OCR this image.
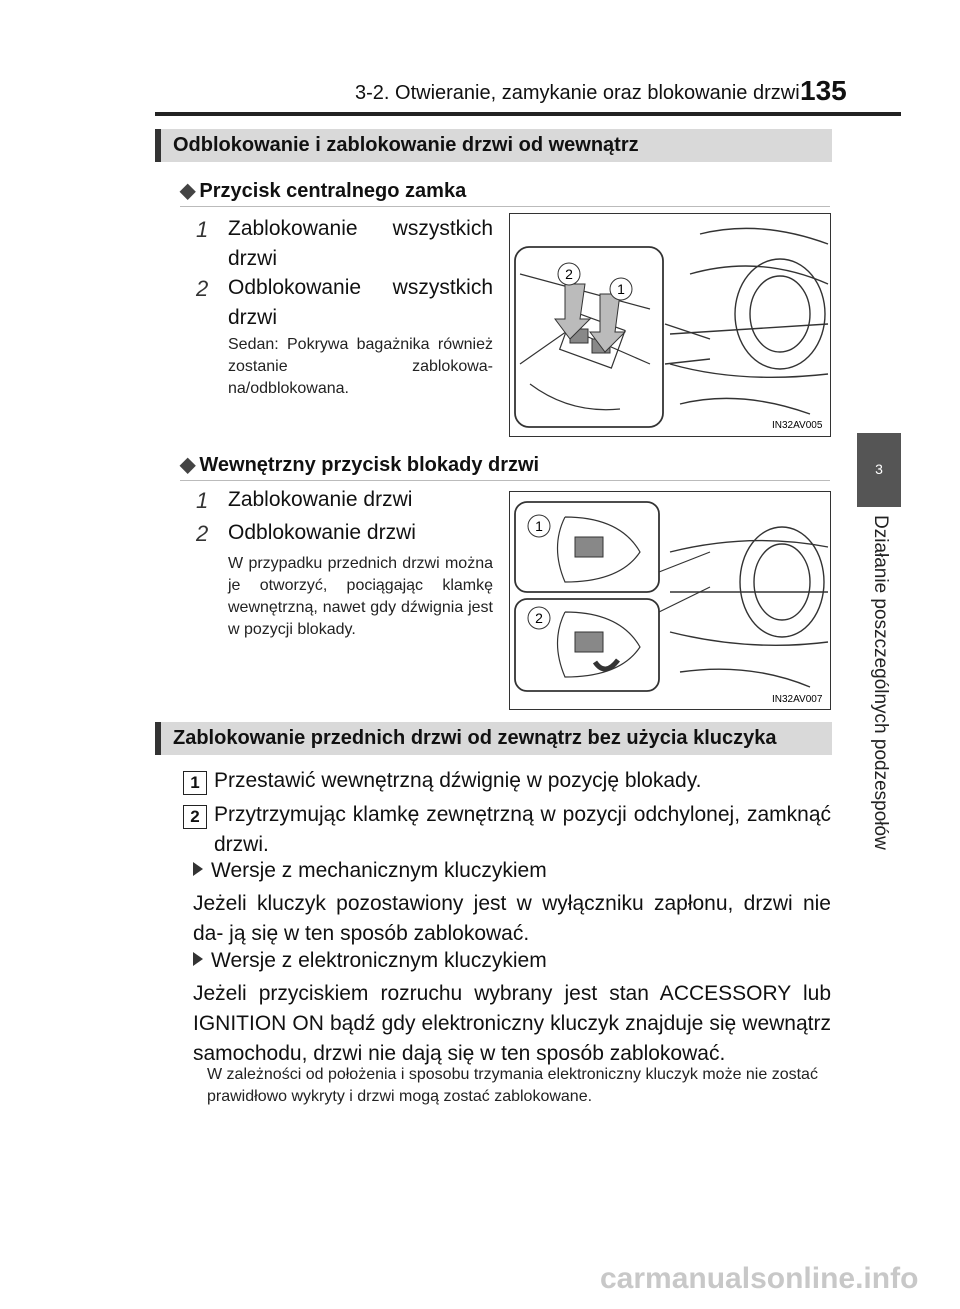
3-2. Otwieranie, zamykanie oraz blokowanie drzwi 135
3
Działanie poszczególnych podzespołów
Odblokowanie i zablokowanie drzwi od wewnątrz
◆ Przycisk centralnego zamka
1 Zablokowanie wszystkich drzwi
2 Odblokowanie wszystkich drzwi
Sedan: Pokrywa bagażnika również zostanie zablokowa- na/odblokowana.
2
1
IN32AV005
◆ Wewnętrzny przycisk blokady drzwi
1 Zablokowanie drzwi
2 Odblokowanie drzwi
W przypadku przednich drzwi można je otworzyć, pociągając klamkę wewnętrzną, nawet gdy dźwignia jest w pozycji blokady.
1
2
IN32AV007
Zablokowanie przednich drzwi od zewnątrz bez użycia kluczyka
1 Przestawić wewnętrzną dźwignię w pozycję blokady.
2 Przytrzymując klamkę zewnętrzną w pozycji odchylonej, zamknąć drzwi.
Wersje z mechanicznym kluczykiem
Jeżeli kluczyk pozostawiony jest w wyłączniku zapłonu, drzwi nie da- ją się w ten sposób zablokować.
Wersje z elektronicznym kluczykiem
Jeżeli przyciskiem rozruchu wybrany jest stan ACCESSORY lub IGNITION ON bądź gdy elektroniczny kluczyk znajduje się wewnątrz samochodu, drzwi nie dają się w ten sposób zablokować.
W zależności od położenia i sposobu trzymania elektroniczny kluczyk może nie zostać prawidłowo wykryty i drzwi mogą zostać zablokowane.
carmanualsonline.info
